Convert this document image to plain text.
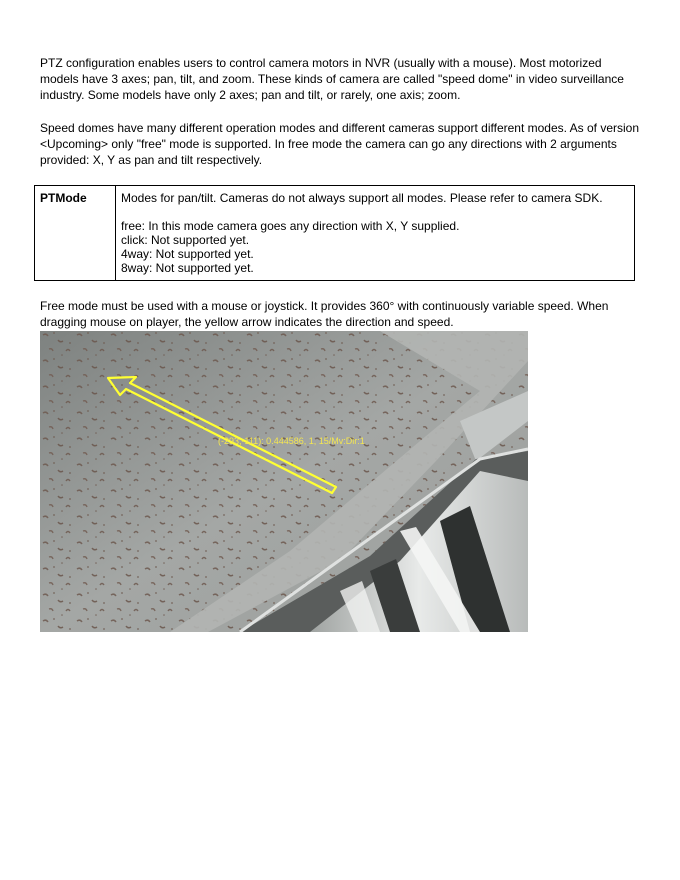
PTZ configuration enables users to control camera motors in NVR (usually with a mouse). Most motorized models have 3 axes; pan, tilt, and zoom. These kinds of camera are called "speed dome" in video surveillance industry. Some models have only 2 axes; pan and tilt, or rarely, one axis; zoom.

Speed domes have many different operation modes and different cameras support different modes. As of version <Upcoming> only "free" mode is supported. In free mode the camera can go any directions with 2 arguments provided: X, Y as pan and tilt respectively.

PTMode	Modes for pan/tilt. Cameras do not always support all modes. Please refer to camera SDK.
free: In this mode camera goes any direction with X, Y supplied.
click: Not supported yet.
4way: Not supported yet.
8way: Not supported yet.

Free mode must be used with a mouse or joystick. It provides 360° with continuously variable speed. When dragging mouse on player, the yellow arrow indicates the direction and speed.

(-293,-111): 0.444586, 1, 15/Mv:Dir:1
